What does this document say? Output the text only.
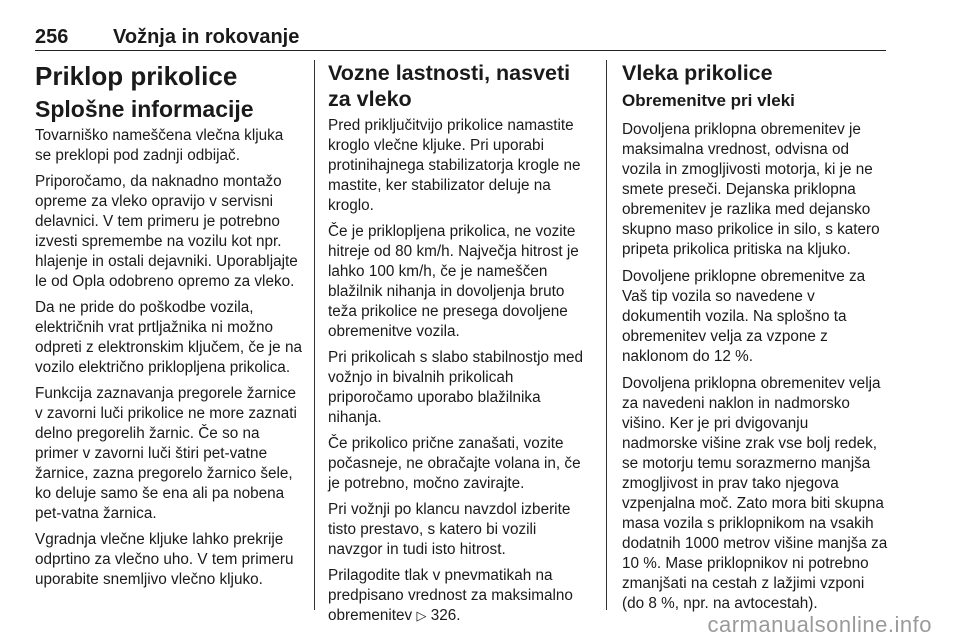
256 Vožnja in rokovanje
Priklop prikolice
Splošne informacije

Tovarniško nameščena vlečna kljuka se preklopi pod zadnji odbijač.

Priporočamo, da naknadno montažo opreme za vleko opravijo v servisni delavnici. V tem primeru je potrebno izvesti spremembe na vozilu kot npr. hlajenje in ostali dejavniki. Uporabljajte le od Opla odobreno opremo za vleko.

Da ne pride do poškodbe vozila, električnih vrat prtljažnika ni možno odpreti z elektronskim ključem, če je na vozilo električno priklopljena prikolica.

Funkcija zaznavanja pregorele žarnice v zavorni luči prikolice ne more zaznati delno pregorelih žarnic. Če so na primer v zavorni luči štiri pet-vatne žarnice, zazna pregorelo žarnico šele, ko deluje samo še ena ali pa nobena pet-vatna žarnica.

Vgradnja vlečne kljuke lahko prekrije odprtino za vlečno uho. V tem primeru uporabite snemljivo vlečno kljuko.

Vozne lastnosti, nasveti za vleko

Pred priključitvijo prikolice namastite kroglo vlečne kljuke. Pri uporabi protinihajnega stabilizatorja krogle ne mastite, ker stabilizator deluje na kroglo.

Če je priklopljena prikolica, ne vozite hitreje od 80 km/h. Največja hitrost je lahko 100 km/h, če je nameščen blažilnik nihanja in dovoljenja bruto teža prikolice ne presega dovoljene obremenitve vozila.

Pri prikolicah s slabo stabilnostjo med vožnjo in bivalnih prikolicah priporočamo uporabo blažilnika nihanja.

Če prikolico prične zanašati, vozite počasneje, ne obračajte volana in, če je potrebno, močno zavirajte.

Pri vožnji po klancu navzdol izberite tisto prestavo, s katero bi vozili navzgor in tudi isto hitrost.

Prilagodite tlak v pnevmatikah na predpisano vrednost za maksimalno obremenitev ▷ 326.

Vleka prikolice
Obremenitve pri vleki

Dovoljena priklopna obremenitev je maksimalna vrednost, odvisna od vozila in zmogljivosti motorja, ki je ne smete preseči. Dejanska priklopna obremenitev je razlika med dejansko skupno maso prikolice in silo, s katero pripeta prikolica pritiska na kljuko.

Dovoljene priklopne obremenitve za Vaš tip vozila so navedene v dokumentih vozila. Na splošno ta obremenitev velja za vzpone z naklonom do 12 %.

Dovoljena priklopna obremenitev velja za navedeni naklon in nadmorsko višino. Ker je pri dvigovanju nadmorske višine zrak vse bolj redek, se motorju temu sorazmerno manjša zmogljivost in prav tako njegova vzpenjalna moč. Zato mora biti skupna masa vozila s priklopnikom na vsakih dodatnih 1000 metrov višine manjša za 10 %. Mase priklopnikov ni potrebno zmanjšati na cestah z lažjimi vzponi (do 8 %, npr. na avtocestah).

carmanualsonline.info
